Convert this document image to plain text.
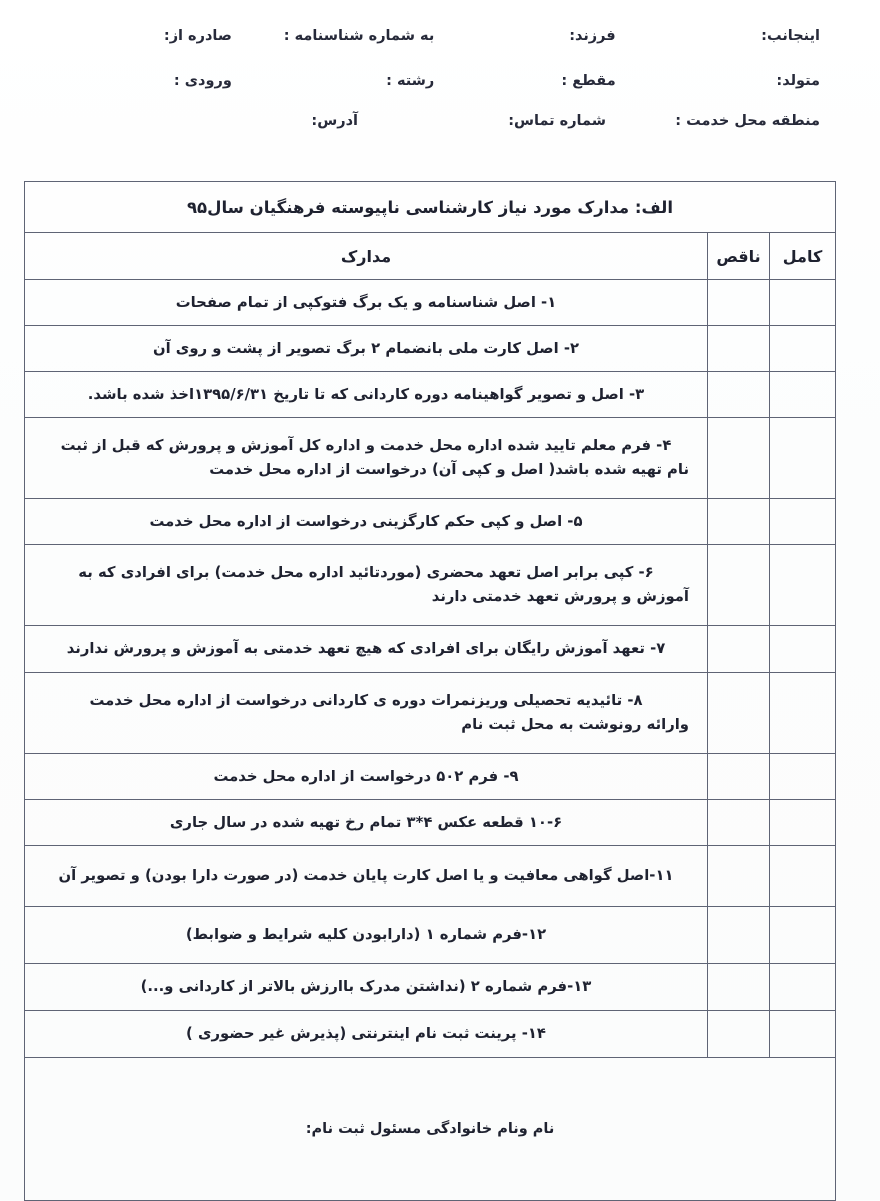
اینجانب:
فرزند:
به شماره شناسنامه :
صادره از:
متولد:
مقطع :
رشته :
ورودی :
منطقه محل خدمت :
شماره تماس:
آدرس:
الف: مدارک مورد نیاز کارشناسی ناپیوسته فرهنگیان سال۹۵		
کامل	ناقص	مدارک

		۱- اصل شناسنامه و یک برگ فتوکپی از تمام صفحات

		۲- اصل کارت ملی بانضمام ۲ برگ تصویر از پشت و روی آن

		۳- اصل و تصویر گواهینامه دوره کاردانی که تا تاریخ ۱۳۹۵/۶/۳۱اخذ شده باشد.

		۴- فرم معلم تایید شده اداره محل خدمت و اداره کل آموزش و پرورش که قبل از ثبت
نام تهیه شده باشد( اصل و کپی آن) درخواست از اداره محل خدمت

		۵- اصل و کپی حکم کارگزینی درخواست از اداره محل خدمت

		۶- کپی برابر اصل تعهد محضری (موردتائید اداره محل خدمت) برای افرادی که به
آموزش و پرورش تعهد خدمتی دارند

		۷- تعهد آموزش رایگان برای افرادی که هیچ تعهد خدمتی به آموزش و پرورش ندارند

		۸- تائیدیه تحصیلی وریزنمرات دوره ی کاردانی درخواست از اداره محل خدمت
وارائه رونوشت به محل ثبت نام

		۹- فرم ۵۰۲ درخواست از اداره محل خدمت

		۱۰-۶ قطعه عکس ۴*۳ تمام رخ تهیه شده در سال جاری

		۱۱-اصل گواهی معافیت و یا اصل کارت پایان خدمت (در صورت دارا بودن) و تصویر آن

		۱۲-فرم شماره ۱ (دارابودن کلیه شرایط و ضوابط)

		۱۳-فرم شماره ۲ (نداشتن مدرک باارزش بالاتر از کاردانی و...)

		۱۴- پرینت ثبت نام اینترنتی (پذیرش غیر حضوری )

نام ونام خانوادگی مسئول ثبت نام:		
